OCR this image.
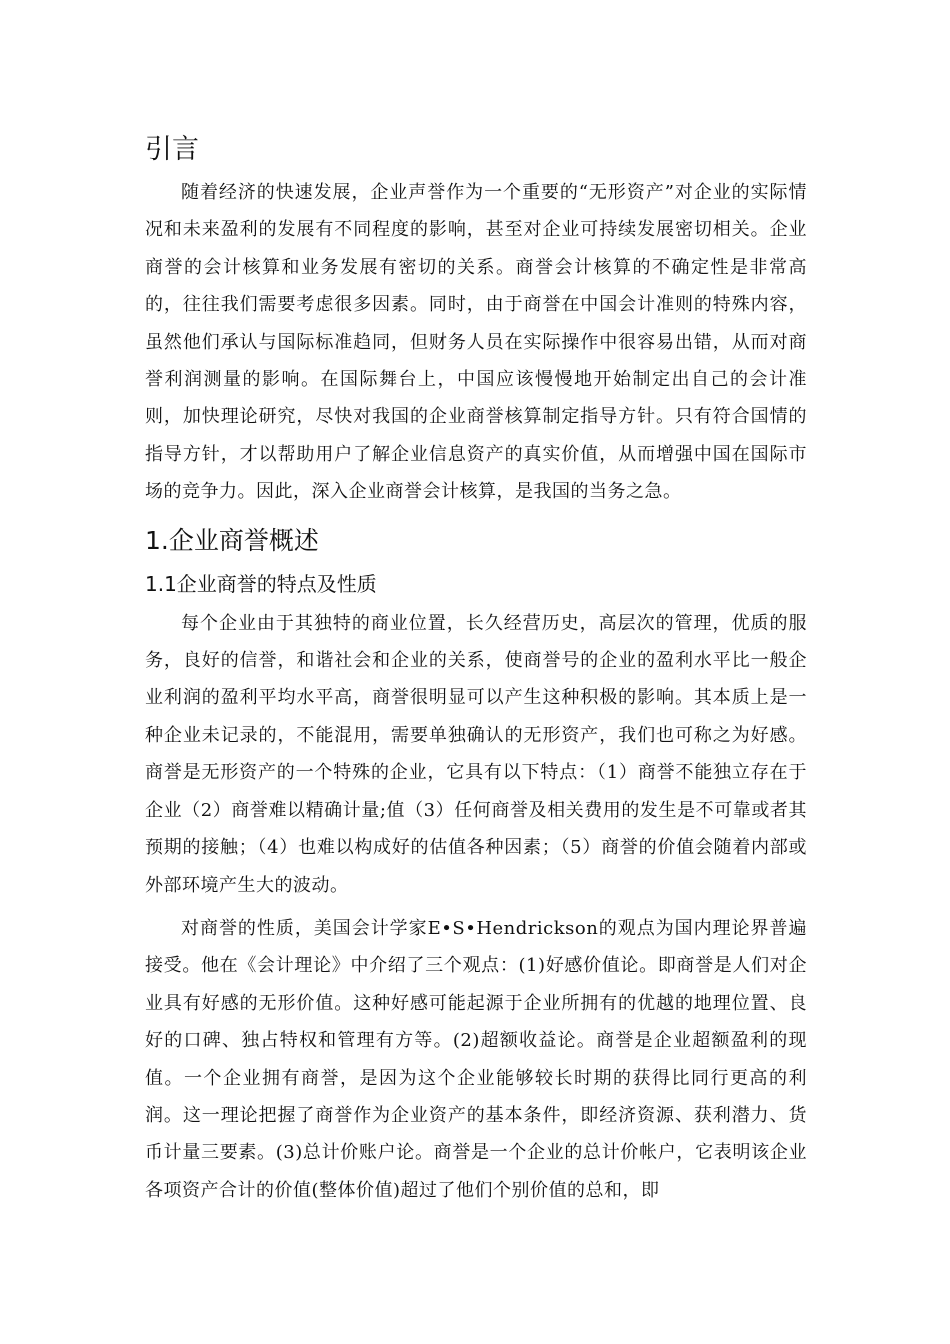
引言

随着经济的快速发展，企业声誉作为一个重要的“无形资产”对企业的实际情况和未来盈利的发展有不同程度的影响，甚至对企业可持续发展密切相关。企业商誉的会计核算和业务发展有密切的关系。商誉会计核算的不确定性是非常高的，往往我们需要考虑很多因素。同时，由于商誉在中国会计准则的特殊内容，虽然他们承认与国际标准趋同，但财务人员在实际操作中很容易出错，从而对商誉利润测量的影响。在国际舞台上，中国应该慢慢地开始制定出自己的会计准则，加快理论研究，尽快对我国的企业商誉核算制定指导方针。只有符合国情的指导方针，才以帮助用户了解企业信息资产的真实价值，从而增强中国在国际市场的竞争力。因此，深入企业商誉会计核算，是我国的当务之急。

1.企业商誉概述
1.1企业商誉的特点及性质

每个企业由于其独特的商业位置，长久经营历史，高层次的管理，优质的服务，良好的信誉，和谐社会和企业的关系，使商誉号的企业的盈利水平比一般企业利润的盈利平均水平高，商誉很明显可以产生这种积极的影响。其本质上是一种企业未记录的，不能混用，需要单独确认的无形资产，我们也可称之为好感。商誉是无形资产的一个特殊的企业，它具有以下特点：（1）商誉不能独立存在于企业（2）商誉难以精确计量;值（3）任何商誉及相关费用的发生是不可靠或者其预期的接触；（4）也难以构成好的估值各种因素；（5）商誉的价值会随着内部或外部环境产生大的波动。

对商誉的性质，美国会计学家E•S•Hendrickson的观点为国内理论界普遍接受。他在《会计理论》中介绍了三个观点：(1)好感价值论。即商誉是人们对企业具有好感的无形价值。这种好感可能起源于企业所拥有的优越的地理位置、良好的口碑、独占特权和管理有方等。(2)超额收益论。商誉是企业超额盈利的现值。一个企业拥有商誉，是因为这个企业能够较长时期的获得比同行更高的利润。这一理论把握了商誉作为企业资产的基本条件，即经济资源、获利潜力、货币计量三要素。(3)总计价账户论。商誉是一个企业的总计价帐户，它表明该企业各项资产合计的价值(整体价值)超过了他们个别价值的总和，即
